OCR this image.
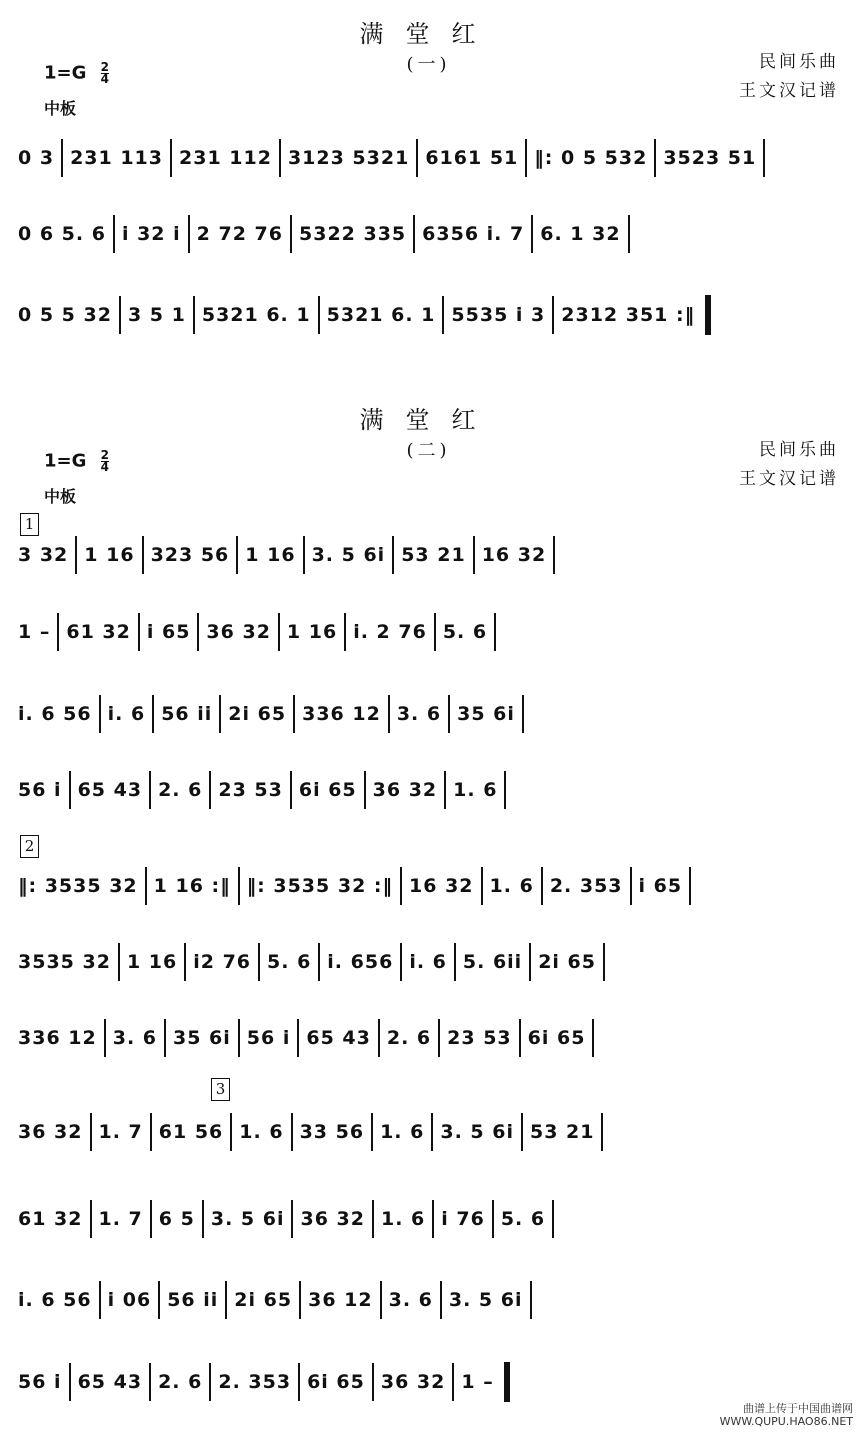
满堂红
(一)	民间乐曲
王文汉记谱
$1=G \frac{2}{4}$
中板
0 3 231 113 231 112 3123 5321 6161 51 ‖: 0 5 532 3523 51
0 6 5. 6 i 32 i 2 72 76 5322 335 6356 i. 7 6. 1 32
0 5 5 32 3 5 1 5321 6. 1 5321 6. 1 5535 i 3 2312 351 :‖
满堂红
(二)	民间乐曲
王文汉记谱
$1=G \frac{2}{4}$
中板
1
2
3
3 32 1 16 323 56 1 16 3. 5 6i 53 21 16 32
1 – 61 32 i 65 36 32 1 16 i. 2 76 5. 6
i. 6 56 i. 6 56 ii 2i 65 336 12 3. 6 35 6i
56 i 65 43 2. 6 23 53 6i 65 36 32 1. 6
‖: 3535 32 1 16 :‖ ‖: 3535 32 :‖ 16 32 1. 6 2. 353 i 65
3535 32 1 16 i2 76 5. 6 i. 656 i. 6 5. 6ii 2i 65
336 12 3. 6 35 6i 56 i 65 43 2. 6 23 53 6i 65
36 32 1. 7 61 56 1. 6 33 56 1. 6 3. 5 6i 53 21
61 32 1. 7 6 5 3. 5 6i 36 32 1. 6 i 76 5. 6
i. 6 56 i 06 56 ii 2i 65 36 12 3. 6 3. 5 6i
56 i 65 43 2. 6 2. 353 6i 65 36 32 1 –
曲谱上传于中国曲谱网
WWW.QUPU.HAO86.NET
